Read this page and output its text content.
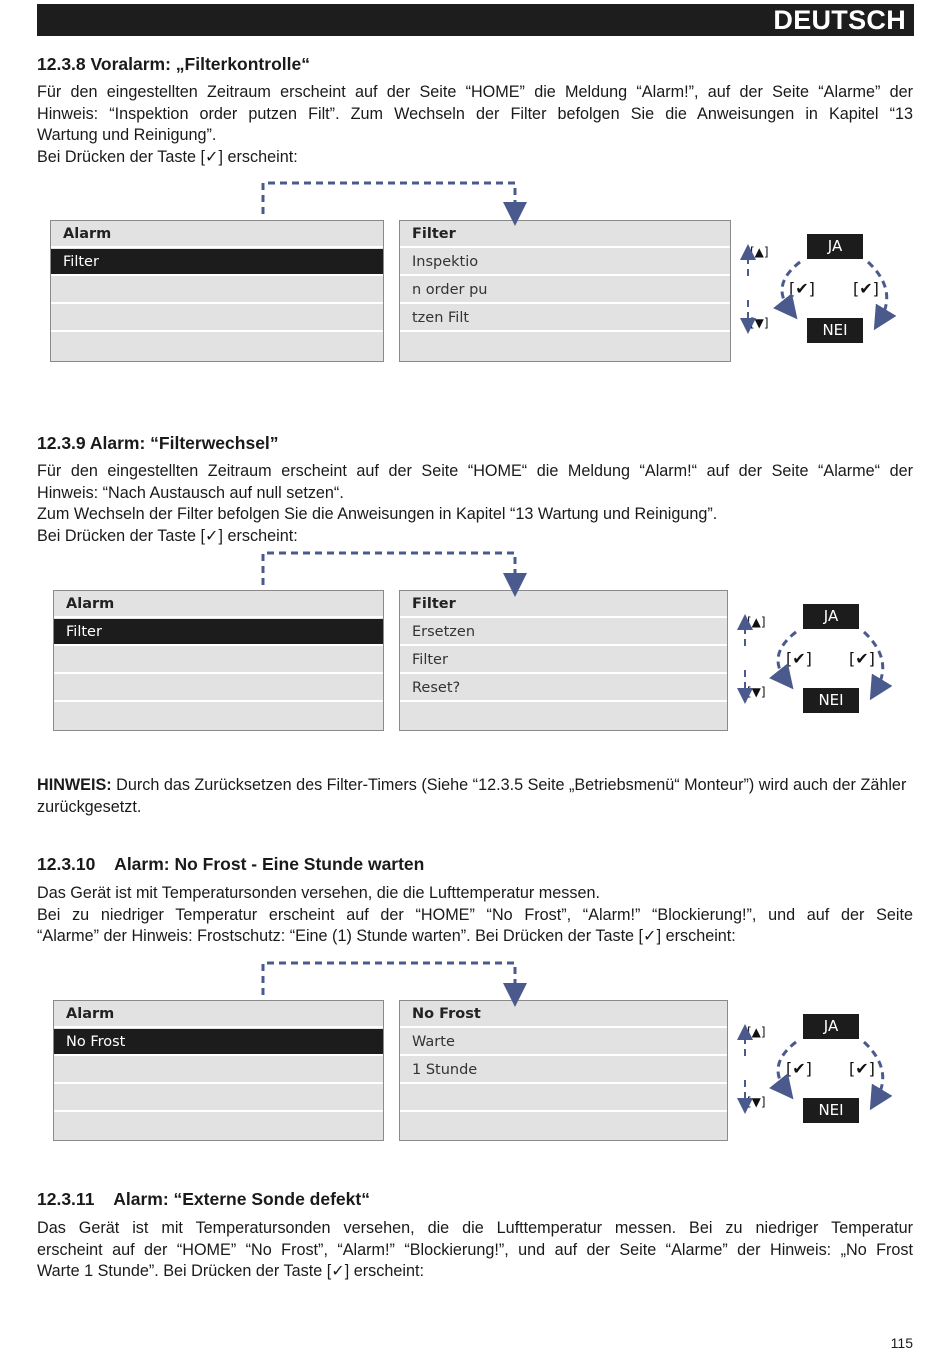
DEUTSCH
12.3.8 Voralarm: „Filterkontrolle“
Für den eingestellten Zeitraum erscheint auf der Seite “HOME” die Meldung “Alarm!”, auf der Seite “Alarme” der
Hinweis: “Inspektion order putzen Filt”. Zum Wechseln der Filter befolgen Sie die Anweisungen in Kapitel “13
Wartung und Reinigung”.
Bei Drücken der Taste [✓] erscheint:
Alarm
Filter
Filter
Inspektio
n order pu
tzen Filt
JA
NEI
[✔] [✔]
[▲]
[▼]
12.3.9 Alarm: “Filterwechsel”
Für den eingestellten Zeitraum erscheint auf der Seite “HOME“ die Meldung “Alarm!“ auf der Seite “Alarme“ der
Hinweis: “Nach Austausch auf null setzen“.
Zum Wechseln der Filter befolgen Sie die Anweisungen in Kapitel “13 Wartung und Reinigung”.
Bei Drücken der Taste [✓] erscheint:
Alarm
Filter
Filter
Ersetzen
Filter
Reset?
JA
NEI
[✔] [✔]
[▲]
[▼]
HINWEIS: Durch das Zurücksetzen des Filter-Timers (Siehe “12.3.5 Seite „Betriebsmenü“ Monteur”) wird auch der Zähler zurückgesetzt.
12.3.10    Alarm: No Frost - Eine Stunde warten
Das Gerät ist mit Temperatursonden versehen, die die Lufttemperatur messen.
Bei zu niedriger Temperatur erscheint auf der “HOME” “No Frost”, “Alarm!” “Blockierung!”, und auf der Seite
“Alarme” der Hinweis: Frostschutz: “Eine (1) Stunde warten”. Bei Drücken der Taste [✓] erscheint:
Alarm
No Frost
No Frost
Warte
1 Stunde
JA
NEI
[✔] [✔]
[▲]
[▼]
12.3.11    Alarm: “Externe Sonde defekt“
Das Gerät ist mit Temperatursonden versehen, die die Lufttemperatur messen. Bei zu niedriger Temperatur
erscheint auf der “HOME” “No Frost”, “Alarm!” “Blockierung!”, und auf der Seite “Alarme” der Hinweis: „No Frost
Warte 1 Stunde”. Bei Drücken der Taste [✓] erscheint:
115
